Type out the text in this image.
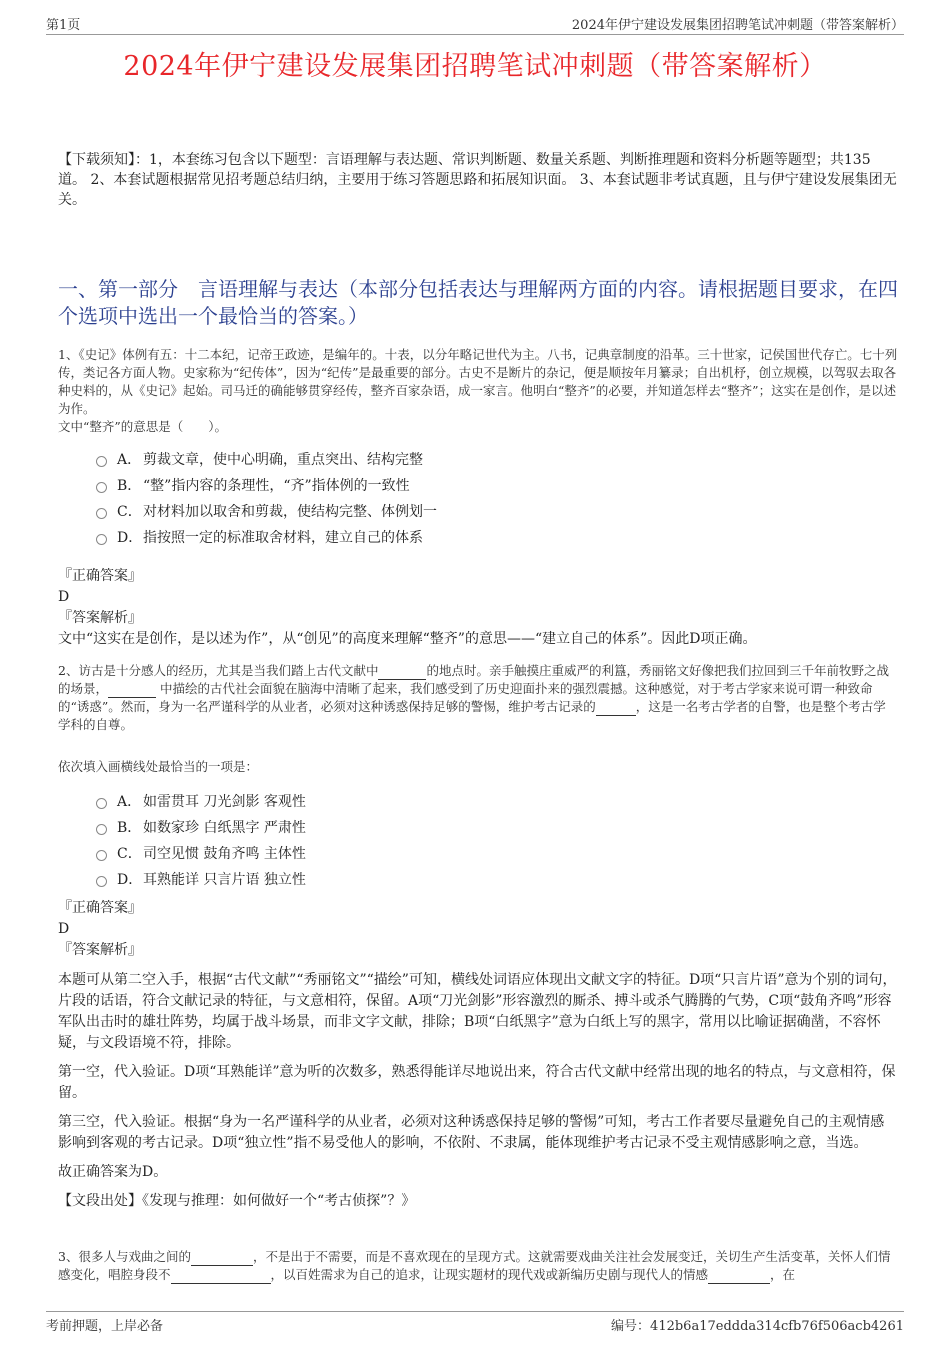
第1页	2024年伊宁建设发展集团招聘笔试冲刺题（带答案解析）
2024年伊宁建设发展集团招聘笔试冲刺题（带答案解析）
【下载须知】：1，本套练习包含以下题型：言语理解与表达题、常识判断题、数量关系题、判断推理题和资料分析题等题型；共135道。 2、本套试题根据常见招考题总结归纳，主要用于练习答题思路和拓展知识面。 3、本套试题非考试真题，且与伊宁建设发展集团无关。
一、第一部分　言语理解与表达（本部分包括表达与理解两方面的内容。请根据题目要求，在四个选项中选出一个最恰当的答案。）

1、《史记》体例有五：十二本纪，记帝王政迹，是编年的。十表，以分年略记世代为主。八书，记典章制度的沿革。三十世家，记侯国世代存亡。七十列传，类记各方面人物。史家称为“纪传体”，因为“纪传”是最重要的部分。古史不是断片的杂记，便是顺按年月纂录；自出机杼，创立规模，以驾驭去取各种史料的，从《史记》起始。司马迁的确能够贯穿经传，整齐百家杂语，成一家言。他明白“整齐”的必要，并知道怎样去“整齐”；这实在是创作，是以述为作。

文中“整齐”的意思是（　　）。

A． 剪裁文章，使中心明确，重点突出、结构完整
B． “整”指内容的条理性，“齐”指体例的一致性
C． 对材料加以取舍和剪裁，使结构完整、体例划一
D． 指按照一定的标准取舍材料，建立自己的体系

『正确答案』

D

『答案解析』

文中“这实在是创作，是以述为作”，从“创见”的高度来理解“整齐”的意思——“建立自己的体系”。因此D项正确。

2、访古是十分感人的经历，尤其是当我们踏上古代文献中	的地点时。亲手触摸庄重威严的利簋，秀丽铭文好像把我们拉回到三千年前牧野之战的场景，	中描绘的古代社会面貌在脑海中清晰了起来，我们感受到了历史迎面扑来的强烈震撼。这种感觉，对于考古学家来说可谓一种致命的“诱惑”。然而，身为一名严谨科学的从业者，必须对这种诱惑保持足够的警惕，维护考古记录的	，这是一名考古学者的自警，也是整个考古学学科的自尊。

依次填入画横线处最恰当的一项是：
A． 如雷贯耳 刀光剑影 客观性
B． 如数家珍 白纸黑字 严肃性
C． 司空见惯 鼓角齐鸣 主体性
D． 耳熟能详 只言片语 独立性

『正确答案』

D

『答案解析』

本题可从第二空入手，根据“古代文献”“秀丽铭文”“描绘”可知，横线处词语应体现出文献文字的特征。D项“只言片语”意为个别的词句，片段的话语，符合文献记录的特征，与文意相符，保留。A项“刀光剑影”形容激烈的厮杀、搏斗或杀气腾腾的气势，C项“鼓角齐鸣”形容军队出击时的雄壮阵势，均属于战斗场景，而非文字文献，排除；B项“白纸黑字”意为白纸上写的黑字，常用以比喻证据确凿，不容怀疑，与文段语境不符，排除。

第一空，代入验证。D项“耳熟能详”意为听的次数多，熟悉得能详尽地说出来，符合古代文献中经常出现的地名的特点，与文意相符，保留。

第三空，代入验证。根据“身为一名严谨科学的从业者，必须对这种诱惑保持足够的警惕”可知，考古工作者要尽量避免自己的主观情感影响到客观的考古记录。D项“独立性”指不易受他人的影响，不依附、不隶属，能体现维护考古记录不受主观情感影响之意，当选。

故正确答案为D。

【文段出处】《发现与推理：如何做好一个“考古侦探”？》

3、很多人与戏曲之间的	，不是出于不需要，而是不喜欢现在的呈现方式。这就需要戏曲关注社会发展变迁，关切生产生活变革，关怀人们情感变化，唱腔身段不	，以百姓需求为自己的追求，让现实题材的现代戏或新编历史剧与现代人的情感	，在

考前押题，上岸必备	编号：412b6a17eddda314cfb76f506acb4261
